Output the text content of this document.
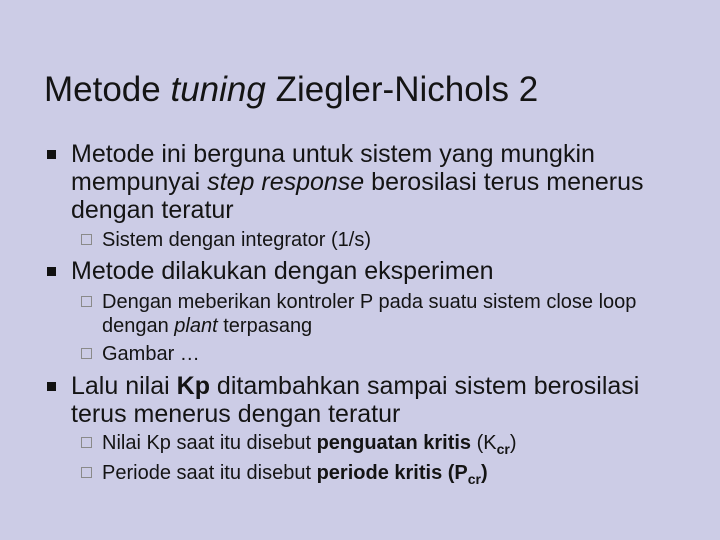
Metode tuning Ziegler-Nichols 2
Metode ini berguna untuk sistem yang mungkin mempunyai step response berosilasi terus menerus dengan teratur
Sistem dengan integrator (1/s)
Metode dilakukan dengan eksperimen
Dengan meberikan kontroler P pada suatu sistem close loop dengan plant terpasang
Gambar …
Lalu nilai Kp ditambahkan sampai sistem berosilasi terus menerus dengan teratur
Nilai Kp saat itu disebut penguatan kritis $(K_{cr})$
Periode saat itu disebut periode kritis $(P_{cr})$
